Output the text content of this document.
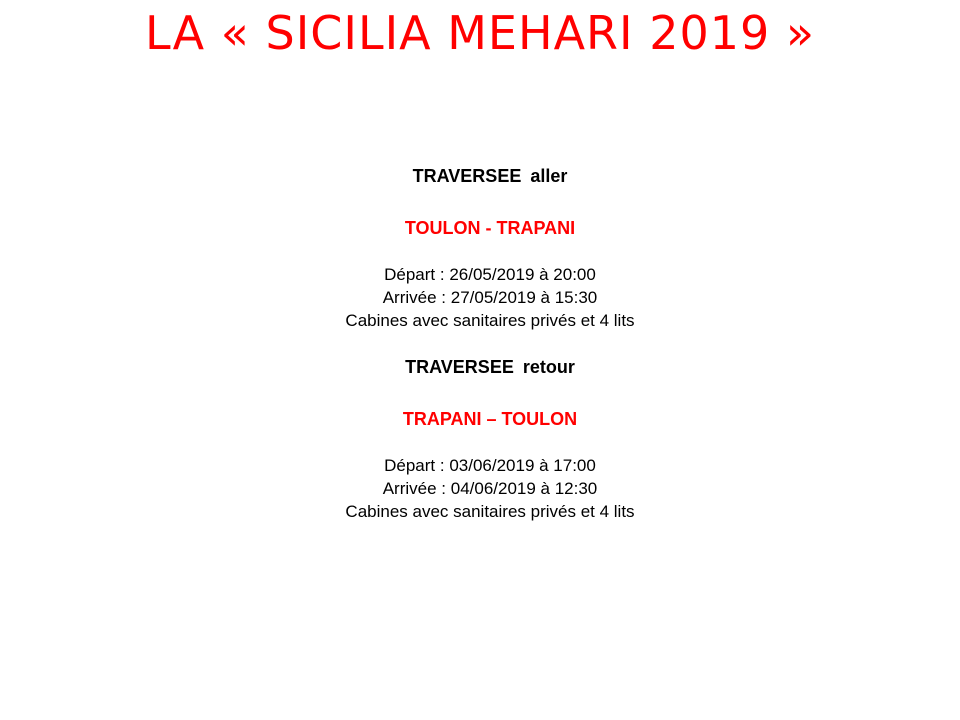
LA « SICILIA MEHARI 2019 »
TRAVERSEE aller
TOULON - TRAPANI
Départ : 26/05/2019 à 20:00
Arrivée : 27/05/2019 à 15:30
Cabines avec sanitaires privés et 4 lits
TRAVERSEE retour
TRAPANI – TOULON
Départ : 03/06/2019 à 17:00
Arrivée : 04/06/2019 à 12:30
Cabines avec sanitaires privés et 4 lits
